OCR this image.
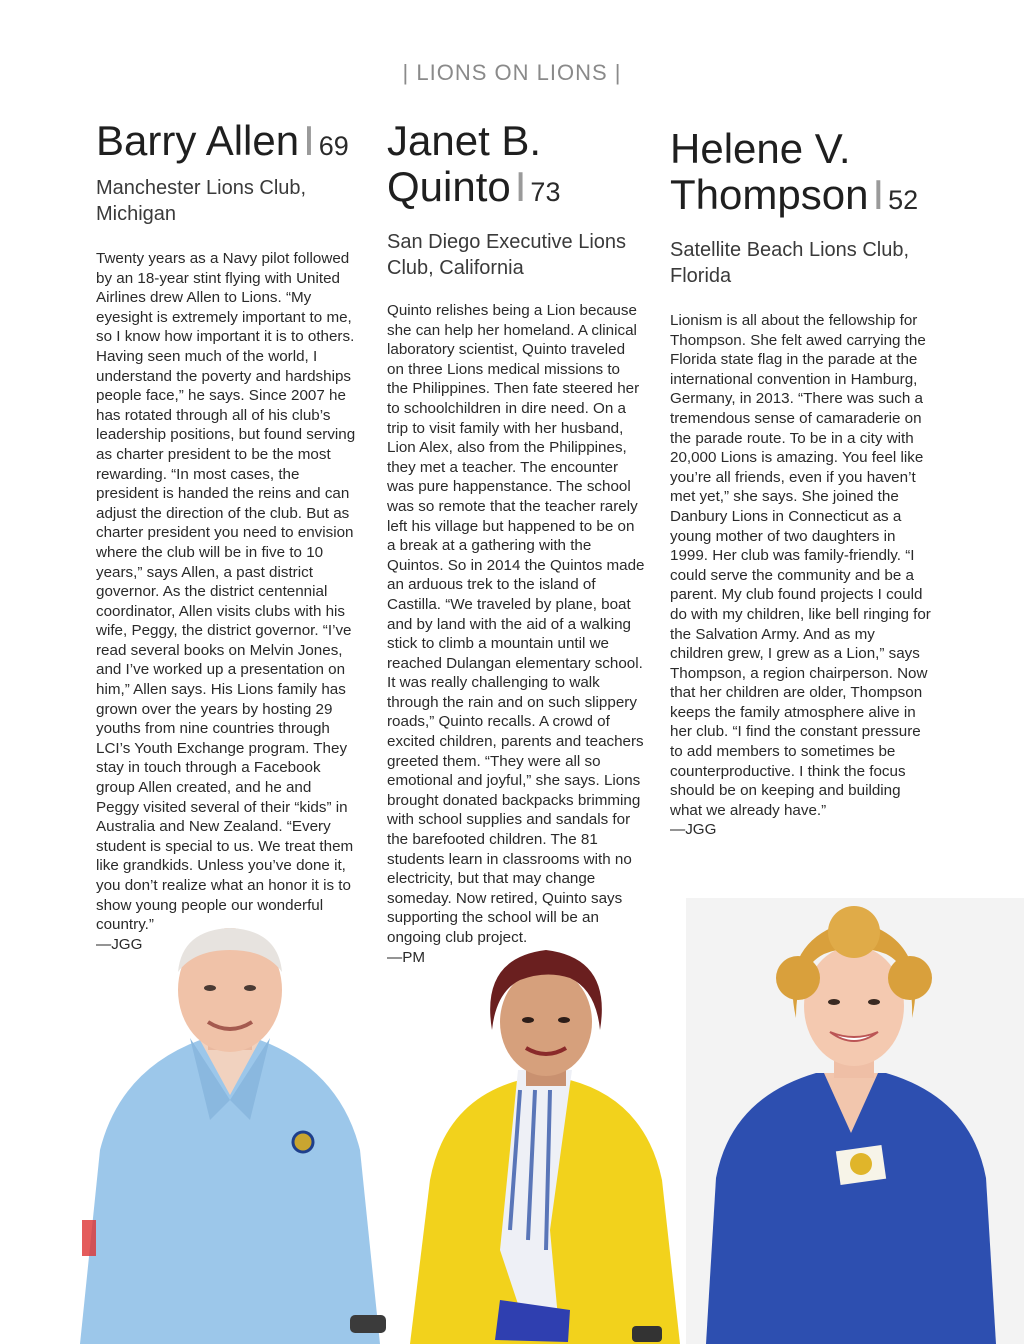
| LIONS ON LIONS |
Barry AllenI 69

Manchester Lions Club, Michigan

Twenty years as a Navy pilot followed by an 18-year stint flying with United Airlines drew Allen to Lions. “My eyesight is extremely important to me, so I know how important it is to others. Having seen much of the world, I understand the poverty and hardships people face,” he says. Since 2007 he has rotated through all of his club’s leadership positions, but found serving as charter president to be the most rewarding. “In most cases, the president is handed the reins and can adjust the direction of the club. But as charter president you need to envision where the club will be in five to 10 years,” says Allen, a past district governor. As the district centennial coordinator, Allen visits clubs with his wife, Peggy, the district governor. “I’ve read several books on Melvin Jones, and I’ve worked up a presentation on him,” Allen says. His Lions family has grown over the years by hosting 29 youths from nine countries through LCI’s Youth Exchange program. They stay in touch through a Facebook group Allen created, and he and Peggy visited several of their “kids” in Australia and New Zealand. “Every student is special to us. We treat them like grandkids. Unless you’ve done it, you don’t realize what an honor it is to show young people our wonderful country.”
—JGG

Janet B. QuintoI 73

San Diego Executive Lions Club, California

Quinto relishes being a Lion because she can help her homeland. A clinical laboratory scientist, Quinto traveled on three Lions medical missions to the Philippines. Then fate steered her to schoolchildren in dire need. On a trip to visit family with her husband, Lion Alex, also from the Philippines, they met a teacher. The encounter was pure happenstance. The school was so remote that the teacher rarely left his village but happened to be on a break at a gathering with the Quintos. So in 2014 the Quintos made an arduous trek to the island of Castilla. “We traveled by plane, boat and by land with the aid of a walking stick to climb a mountain until we reached Dulangan elementary school. It was really challenging to walk through the rain and on such slippery roads,” Quinto recalls. A crowd of excited children, parents and teachers greeted them. “They were all so emotional and joyful,” she says. Lions brought donated backpacks brimming with school supplies and sandals for the barefooted children. The 81 students learn in classrooms with no electricity, but that may change someday. Now retired, Quinto says supporting the school will be an ongoing club project.
—PM

Helene V. ThompsonI 52

Satellite Beach Lions Club, Florida

Lionism is all about the fellowship for Thompson. She felt awed carrying the Florida state flag in the parade at the international convention in Hamburg, Germany, in 2013. “There was such a tremendous sense of camaraderie on the parade route. To be in a city with 20,000 Lions is amazing. You feel like you’re all friends, even if you haven’t met yet,” she says. She joined the Danbury Lions in Connecticut as a young mother of two daughters in 1999. Her club was family-friendly. “I could serve the community and be a parent. My club found projects I could do with my children, like bell ringing for the Salvation Army. And as my children grew, I grew as a Lion,” says Thompson, a region chairperson. Now that her children are older, Thompson keeps the family atmosphere alive in her club. “I find the constant pressure to add members to sometimes be counterproductive. I think the focus should be on keeping and building what we already have.”
—JGG
